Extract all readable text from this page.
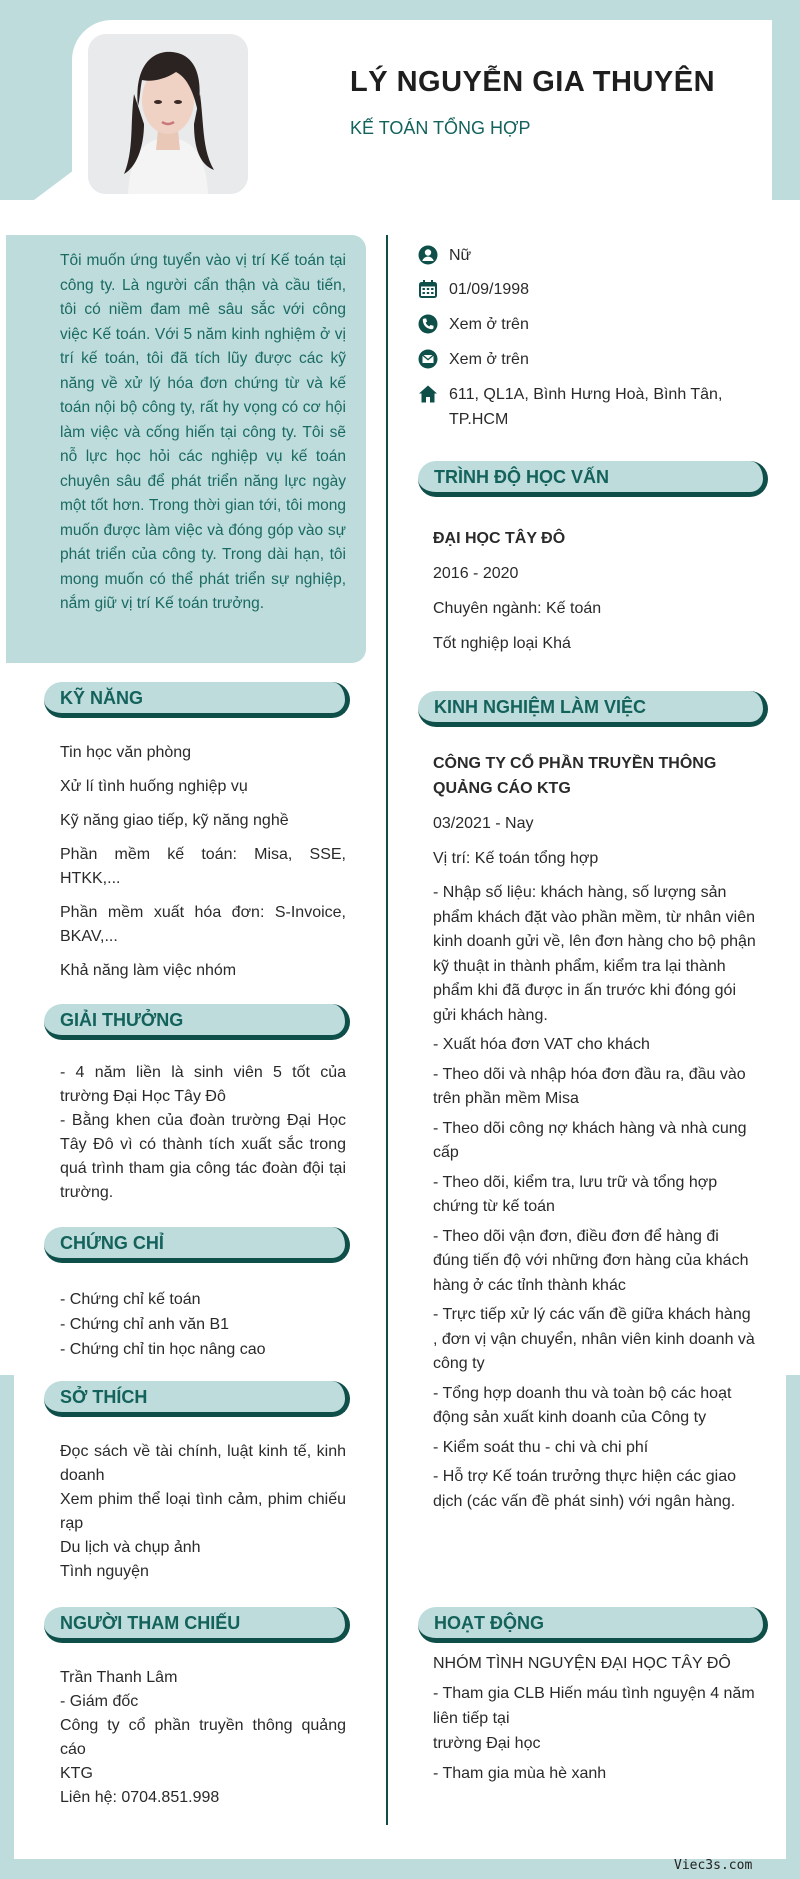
LÝ NGUYỄN GIA THUYÊN
KẾ TOÁN TỔNG HỢP

Tôi muốn ứng tuyển vào vị trí Kế toán tại công ty. Là người cẩn thận và cầu tiến, tôi có niềm đam mê sâu sắc với công việc Kế toán. Với 5 năm kinh nghiệm ở vị trí kế toán, tôi đã tích lũy được các kỹ năng về xử lý hóa đơn chứng từ và kế toán nội bộ công ty, rất hy vọng có cơ hội làm việc và cống hiến tại công ty. Tôi sẽ nỗ lực học hỏi các nghiệp vụ kế toán chuyên sâu để phát triển năng lực ngày một tốt hơn. Trong thời gian tới, tôi mong muốn được làm việc và đóng góp vào sự phát triển của công ty. Trong dài hạn, tôi mong muốn có thể phát triển sự nghiệp, nắm giữ vị trí Kế toán trưởng.

Nữ
01/09/1998
Xem ở trên
Xem ở trên
611, QL1A, Bình Hưng Hoà, Bình Tân, TP.HCM
KỸ NĂNG
Tin học văn phòng
Xử lí tình huống nghiệp vụ
Kỹ năng giao tiếp, kỹ năng nghề
Phần mềm kế toán: Misa, SSE, HTKK,...
Phần mềm xuất hóa đơn: S-Invoice, BKAV,...
Khả năng làm việc nhóm
GIẢI THƯỞNG
- 4 năm liền là sinh viên 5 tốt của trường Đại Học Tây Đô
- Bằng khen của đoàn trường Đại Học Tây Đô vì có thành tích xuất sắc trong quá trình tham gia công tác đoàn đội tại trường.
CHỨNG CHỈ
- Chứng chỉ kế toán
- Chứng chỉ anh văn B1
- Chứng chỉ tin học nâng cao
SỞ THÍCH
Đọc sách về tài chính, luật kinh tế, kinh doanh
Xem phim thể loại tình cảm, phim chiếu rạp
Du lịch và chụp ảnh
Tình nguyện
NGƯỜI THAM CHIẾU
Trần Thanh Lâm
- Giám đốc
Công ty cổ phần truyền thông quảng cáo
KTG
Liên hệ: 0704.851.998
TRÌNH ĐỘ HỌC VẤN
ĐẠI HỌC TÂY ĐÔ
2016 - 2020
Chuyên ngành: Kế toán
Tốt nghiệp loại Khá
KINH NGHIỆM LÀM VIỆC
CÔNG TY CỔ PHẦN TRUYỀN THÔNG QUẢNG CÁO KTG
03/2021 - Nay
Vị trí: Kế toán tổng hợp
- Nhập số liệu: khách hàng, số lượng sản phẩm khách đặt vào phần mềm, từ nhân viên kinh doanh gửi về, lên đơn hàng cho bộ phận kỹ thuật in thành phẩm, kiểm tra lại thành phẩm khi đã được in ấn trước khi đóng gói gửi khách hàng.
- Xuất hóa đơn VAT cho khách
- Theo dõi và nhập hóa đơn đầu ra, đầu vào trên phần mềm Misa
- Theo dõi công nợ khách hàng và nhà cung cấp
- Theo dõi, kiểm tra, lưu trữ và tổng hợp chứng từ kế toán
- Theo dõi vận đơn, điều đơn để hàng đi đúng tiến độ với những đơn hàng của khách hàng ở các tỉnh thành khác
- Trực tiếp xử lý các vấn đề giữa khách hàng , đơn vị vận chuyển, nhân viên kinh doanh và công ty
- Tổng hợp doanh thu và toàn bộ các hoạt động sản xuất kinh doanh của Công ty
- Kiểm soát thu - chi và chi phí
- Hỗ trợ Kế toán trưởng thực hiện các giao dịch (các vấn đề phát sinh) với ngân hàng.
HOẠT ĐỘNG
NHÓM TÌNH NGUYỆN ĐẠI HỌC TÂY ĐÔ
- Tham gia CLB Hiến máu tình nguyện 4 năm liên tiếp tại
trường Đại học
- Tham gia mùa hè xanh
Viec3s.com
